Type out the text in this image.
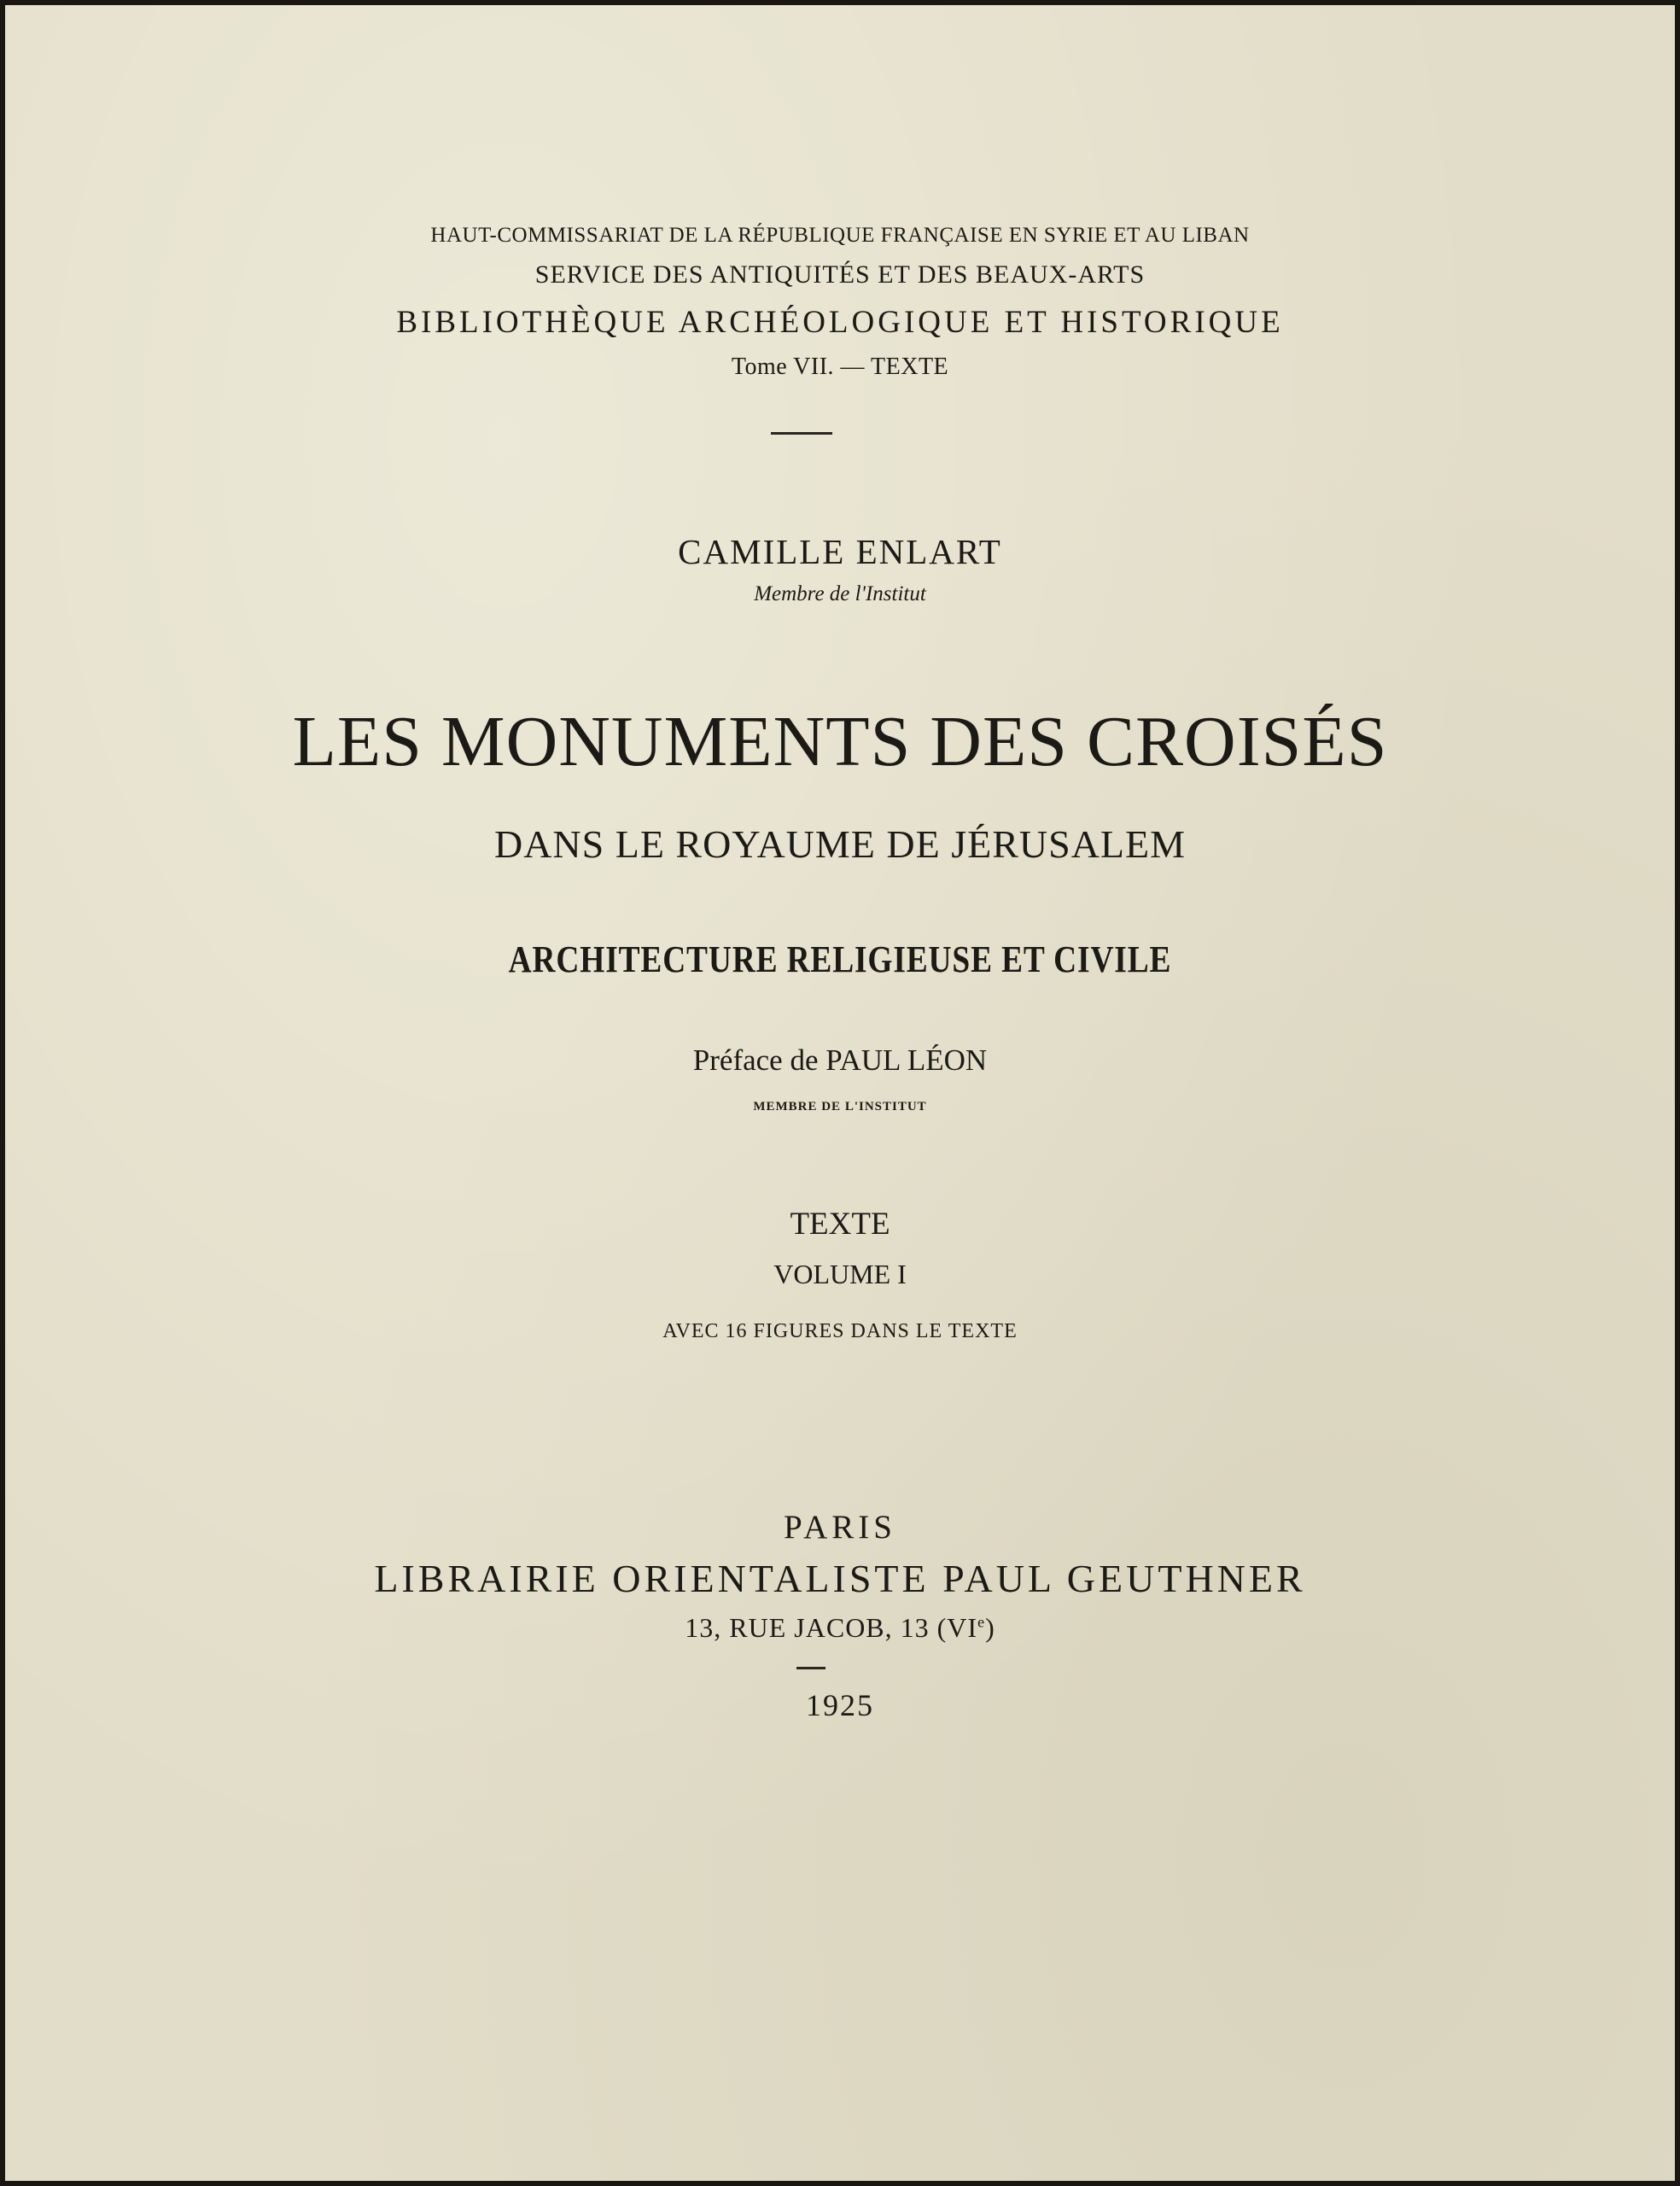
HAUT-COMMISSARIAT DE LA RÉPUBLIQUE FRANÇAISE EN SYRIE ET AU LIBAN

SERVICE DES ANTIQUITÉS ET DES BEAUX-ARTS

BIBLIOTHÈQUE ARCHÉOLOGIQUE ET HISTORIQUE

Tome VII. — TEXTE

CAMILLE ENLART

Membre de l'Institut

LES MONUMENTS DES CROISÉS

DANS LE ROYAUME DE JÉRUSALEM

ARCHITECTURE RELIGIEUSE ET CIVILE

Préface de PAUL LÉON

MEMBRE DE L'INSTITUT

TEXTE

VOLUME I

AVEC 16 FIGURES DANS LE TEXTE

PARIS

LIBRAIRIE ORIENTALISTE PAUL GEUTHNER

13, RUE JACOB, 13 (VIe)

1925
